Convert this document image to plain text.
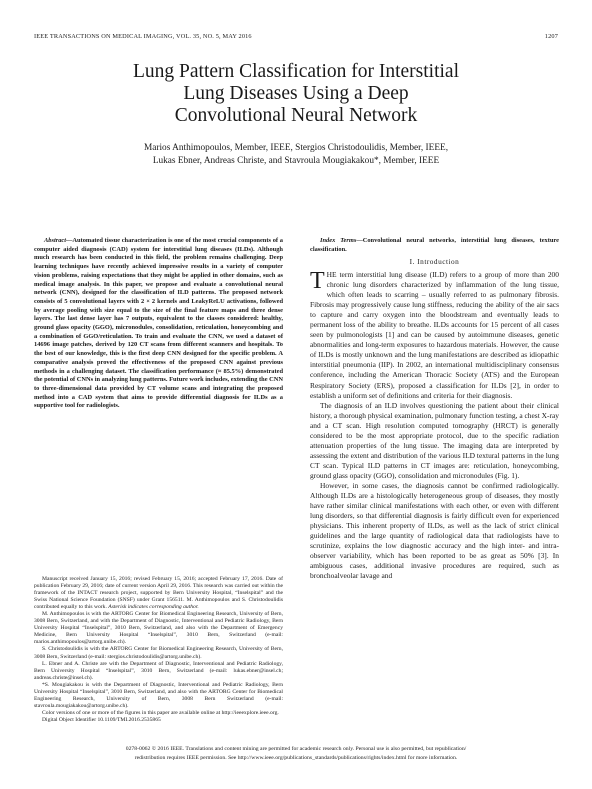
IEEE TRANSACTIONS ON MEDICAL IMAGING, VOL. 35, NO. 5, MAY 2016	1207
Lung Pattern Classification for Interstitial
Lung Diseases Using a Deep
Convolutional Neural Network
Marios Anthimopoulos, Member, IEEE, Stergios Christodoulidis, Member, IEEE,
Lukas Ebner, Andreas Christe, and Stavroula Mougiakakou*, Member, IEEE

Abstract—Automated tissue characterization is one of the most crucial components of a computer aided diagnosis (CAD) system for interstitial lung diseases (ILDs). Although much research has been conducted in this field, the problem remains challenging. Deep learning techniques have recently achieved impressive results in a variety of computer vision problems, raising expectations that they might be applied in other domains, such as medical image analysis. In this paper, we propose and evaluate a convolutional neural network (CNN), designed for the classification of ILD patterns. The proposed network consists of 5 convolutional layers with 2 × 2 kernels and LeakyReLU activations, followed by average pooling with size equal to the size of the final feature maps and three dense layers. The last dense layer has 7 outputs, equivalent to the classes considered: healthy, ground glass opacity (GGO), micronodules, consolidation, reticulation, honeycombing and a combination of GGO/reticulation. To train and evaluate the CNN, we used a dataset of 14696 image patches, derived by 120 CT scans from different scanners and hospitals. To the best of our knowledge, this is the first deep CNN designed for the specific problem. A comparative analysis proved the effectiveness of the proposed CNN against previous methods in a challenging dataset. The classification performance (≈ 85.5%) demonstrated the potential of CNNs in analyzing lung patterns. Future work includes, extending the CNN to three-dimensional data provided by CT volume scans and integrating the proposed method into a CAD system that aims to provide differential diagnosis for ILDs as a supportive tool for radiologists.

Manuscript received January 15, 2016; revised February 15, 2016; accepted February 17, 2016. Date of publication February 29, 2016; date of current version April 29, 2016. This research was carried out within the framework of the INTACT research project, supported by Bern University Hospital, “Inselspital” and the Swiss National Science Foundation (SNSF) under Grant 156511. M. Anthimopoulos and S. Christodoulidis contributed equally to this work. Asterisk indicates corresponding author.

M. Anthimopoulos is with the ARTORG Center for Biomedical Engineering Research, University of Bern, 3008 Bern, Switzerland, and with the Department of Diagnostic, Interventional and Pediatric Radiology, Bern University Hospital “Inselspital”, 3010 Bern, Switzerland, and also with the Department of Emergency Medicine, Bern University Hospital “Inselspital”, 3010 Bern, Switzerland (e-mail: marios.anthimopoulos@artorg.unibe.ch).

S. Christodoulidis is with the ARTORG Center for Biomedical Engineering Research, University of Bern, 3008 Bern, Switzerland (e-mail: stergios.christodoulidis@artorg.unibe.ch).

L. Ebner and A. Christe are with the Department of Diagnostic, Interventional and Pediatric Radiology, Bern University Hospital “Inselspital”, 3010 Bern, Switzerland (e-mail: lukas.ebner@insel.ch; andreas.christe@insel.ch).

*S. Mougiakakou is with the Department of Diagnostic, Interventional and Pediatric Radiology, Bern University Hospital “Inselspital”, 3010 Bern, Switzerland, and also with the ARTORG Center for Biomedical Engineering Research, University of Bern, 3008 Bern Switzerland (e-mail: stavroula.mougiakakou@artorg.unibe.ch).

Color versions of one or more of the figures in this paper are available online at http://ieeexplore.ieee.org.

Digital Object Identifier 10.1109/TMI.2016.2535865

Index Terms—Convolutional neural networks, interstitial lung diseases, texture classification.

I. Introduction

THE term interstitial lung disease (ILD) refers to a group of more than 200 chronic lung disorders characterized by inflammation of the lung tissue, which often leads to scarring – usually referred to as pulmonary fibrosis. Fibrosis may progressively cause lung stiffness, reducing the ability of the air sacs to capture and carry oxygen into the bloodstream and eventually leads to permanent loss of the ability to breathe. ILDs accounts for 15 percent of all cases seen by pulmonologists [1] and can be caused by autoimmune diseases, genetic abnormalities and long-term exposures to hazardous materials. However, the cause of ILDs is mostly unknown and the lung manifestations are described as idiopathic interstitial pneumonia (IIP). In 2002, an international multidisciplinary consensus conference, including the American Thoracic Society (ATS) and the European Respiratory Society (ERS), proposed a classification for ILDs [2], in order to establish a uniform set of definitions and criteria for their diagnosis.

The diagnosis of an ILD involves questioning the patient about their clinical history, a thorough physical examination, pulmonary function testing, a chest X-ray and a CT scan. High resolution computed tomography (HRCT) is generally considered to be the most appropriate protocol, due to the specific radiation attenuation properties of the lung tissue. The imaging data are interpreted by assessing the extent and distribution of the various ILD textural patterns in the lung CT scan. Typical ILD patterns in CT images are: reticulation, honeycombing, ground glass opacity (GGO), consolidation and micronodules (Fig. 1).

However, in some cases, the diagnosis cannot be confirmed radiologically. Although ILDs are a histologically heterogeneous group of diseases, they mostly have rather similar clinical manifestations with each other, or even with different lung disorders, so that differential diagnosis is fairly difficult even for experienced physicians. This inherent property of ILDs, as well as the lack of strict clinical guidelines and the large quantity of radiological data that radiologists have to scrutinize, explains the low diagnostic accuracy and the high inter- and intra-observer variability, which has been reported to be as great as 50% [3]. In ambiguous cases, additional invasive procedures are required, such as bronchoalveolar lavage and

0278-0062 © 2016 IEEE. Translations and content mining are permitted for academic research only. Personal use is also permitted, but republication/
redistribution requires IEEE permission. See http://www.ieee.org/publications_standards/publications/rights/index.html for more information.
